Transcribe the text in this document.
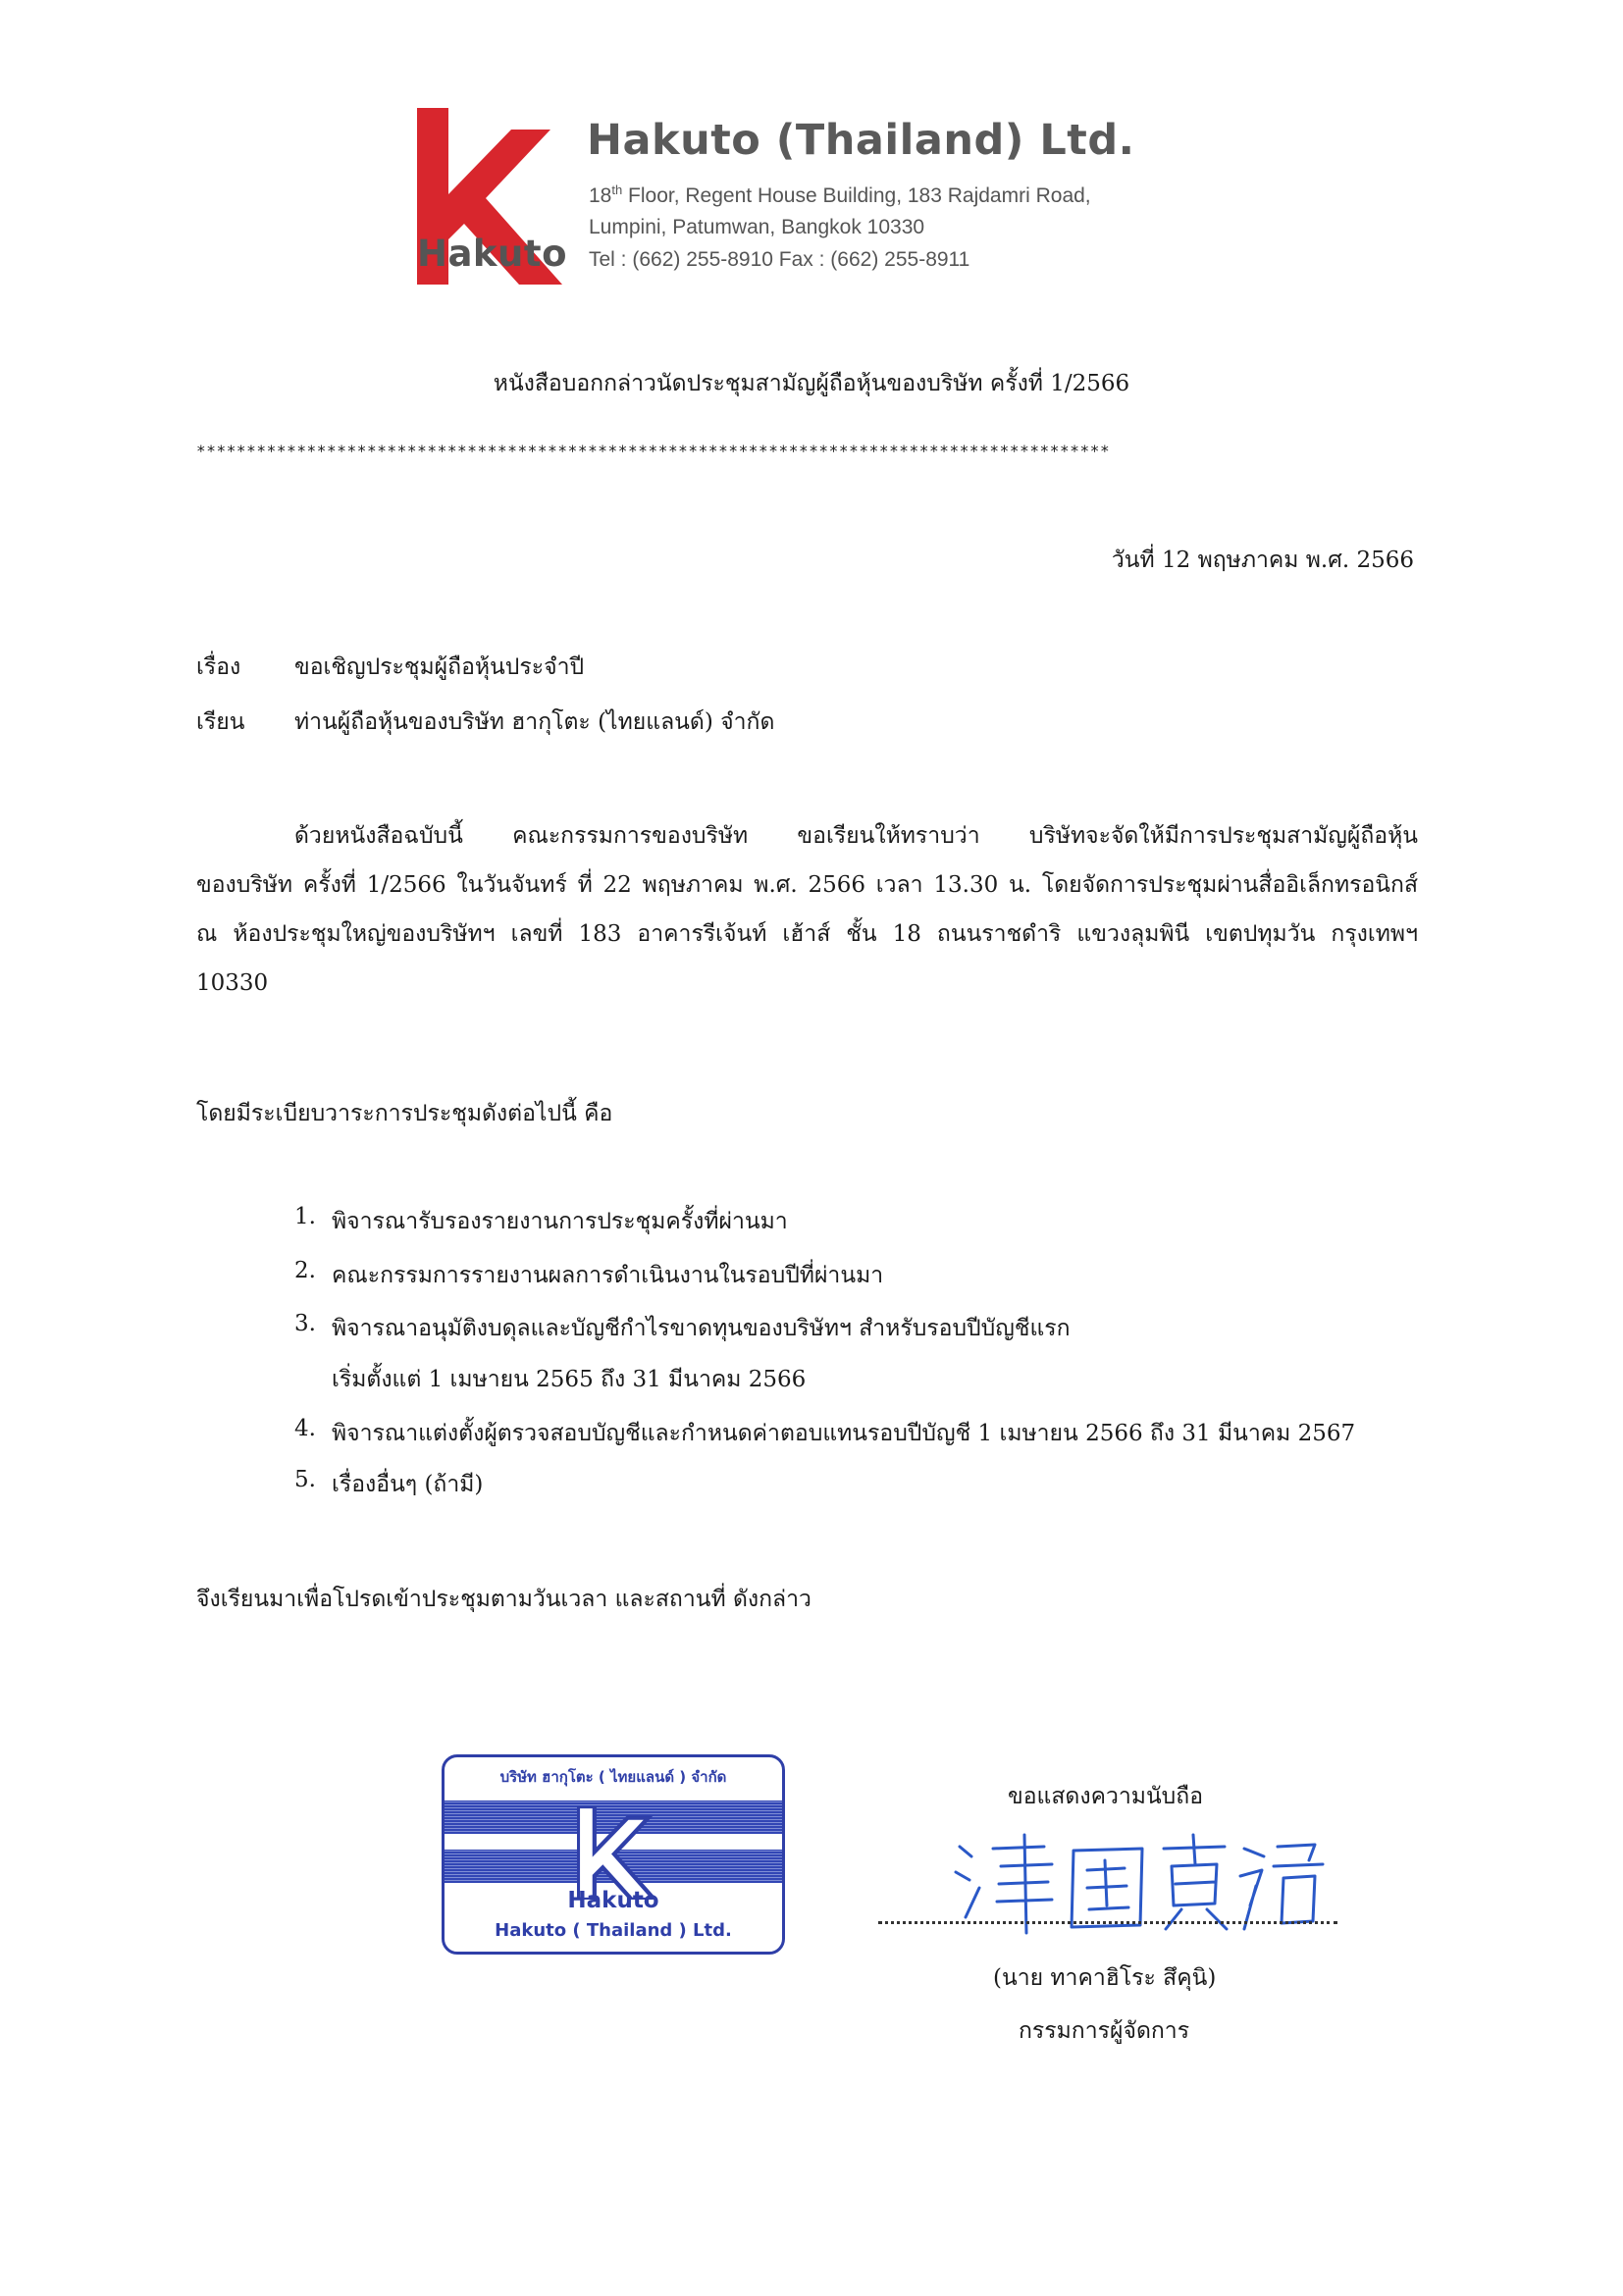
Hakuto
Hakuto (Thailand) Ltd.
18th Floor, Regent House Building, 183 Rajdamri Road,
Lumpini, Patumwan, Bangkok 10330
Tel : (662) 255-8910 Fax : (662) 255-8911
หนังสือบอกกล่าวนัดประชุมสามัญผู้ถือหุ้นของบริษัท ครั้งที่ 1/2566
*******************************************************************************************
วันที่ 12 พฤษภาคม พ.ศ. 2566
เรื่อง ขอเชิญประชุมผู้ถือหุ้นประจำปี
เรียน ท่านผู้ถือหุ้นของบริษัท ฮากุโตะ (ไทยแลนด์) จำกัด

ด้วยหนังสือฉบับนี้ คณะกรรมการของบริษัท ขอเรียนให้ทราบว่า บริษัทจะจัดให้มีการประชุมสามัญผู้ถือหุ้น

ของบริษัท ครั้งที่ 1/2566 ในวันจันทร์ ที่ 22 พฤษภาคม พ.ศ. 2566 เวลา 13.30 น. โดยจัดการประชุมผ่านสื่ออิเล็กทรอนิกส์

ณ ห้องประชุมใหญ่ของบริษัทฯ เลขที่ 183 อาคารรีเจ้นท์ เฮ้าส์ ชั้น 18 ถนนราชดำริ แขวงลุมพินี เขตปทุมวัน กรุงเทพฯ

10330

โดยมีระเบียบวาระการประชุมดังต่อไปนี้ คือ
1. พิจารณารับรองรายงานการประชุมครั้งที่ผ่านมา
2. คณะกรรมการรายงานผลการดำเนินงานในรอบปีที่ผ่านมา
3. พิจารณาอนุมัติงบดุลและบัญชีกำไรขาดทุนของบริษัทฯ สำหรับรอบปีบัญชีแรก
เริ่มตั้งแต่ 1 เมษายน 2565 ถึง 31 มีนาคม 2566
4. พิจารณาแต่งตั้งผู้ตรวจสอบบัญชีและกำหนดค่าตอบแทนรอบปีบัญชี 1 เมษายน 2566 ถึง 31 มีนาคม 2567
5. เรื่องอื่นๆ (ถ้ามี)
จึงเรียนมาเพื่อโปรดเข้าประชุมตามวันเวลา และสถานที่ ดังกล่าว
บริษัท ฮากุโตะ ( ไทยแลนด์ ) จำกัด
Hakuto
Hakuto ( Thailand ) Ltd.
ขอแสดงความนับถือ
(นาย ทาคาฮิโระ สึคุนิ)
กรรมการผู้จัดการ
